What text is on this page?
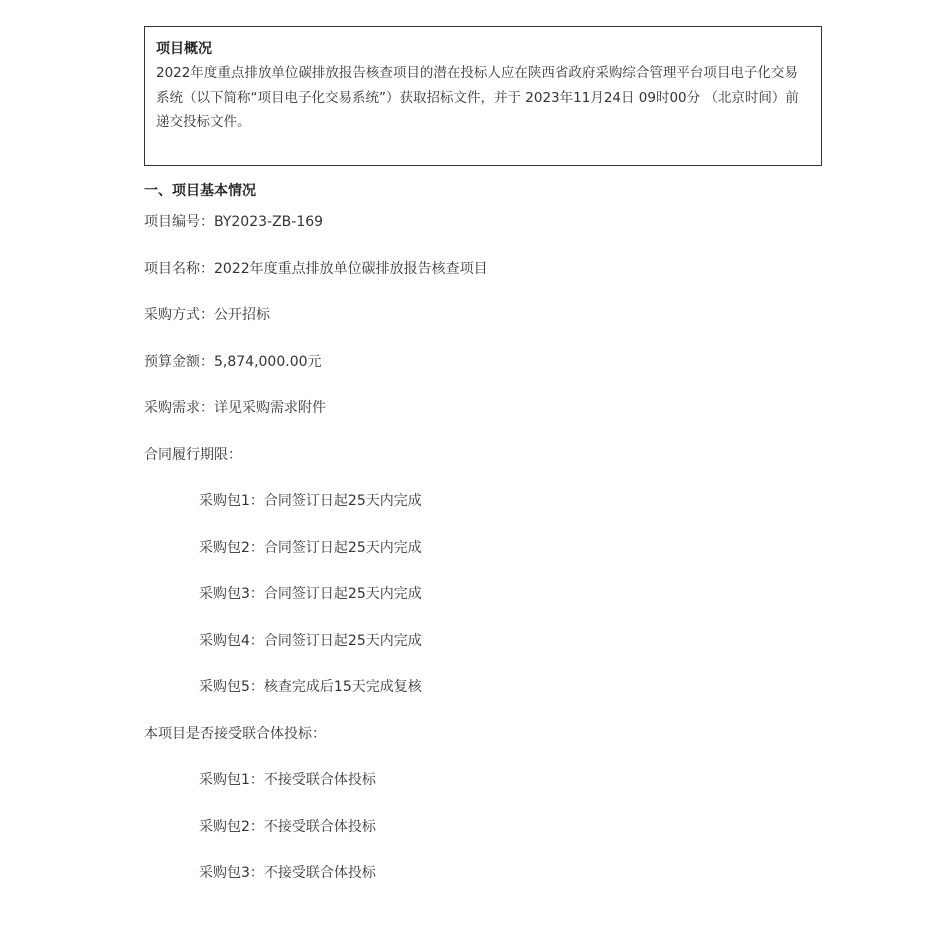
项目概况

2022年度重点排放单位碳排放报告核查项目的潜在投标人应在陕西省政府采购综合管理平台项目电子化交易系统（以下简称“项目电子化交易系统”）获取招标文件，并于 2023年11月24日 09时00分 （北京时间）前递交投标文件。

一、项目基本情况

项目编号：BY2023-ZB-169

项目名称：2022年度重点排放单位碳排放报告核查项目

采购方式：公开招标

预算金额：5,874,000.00元

采购需求：详见采购需求附件

合同履行期限：

采购包1：合同签订日起25天内完成

采购包2：合同签订日起25天内完成

采购包3：合同签订日起25天内完成

采购包4：合同签订日起25天内完成

采购包5：核查完成后15天完成复核

本项目是否接受联合体投标：

采购包1：不接受联合体投标

采购包2：不接受联合体投标

采购包3：不接受联合体投标
